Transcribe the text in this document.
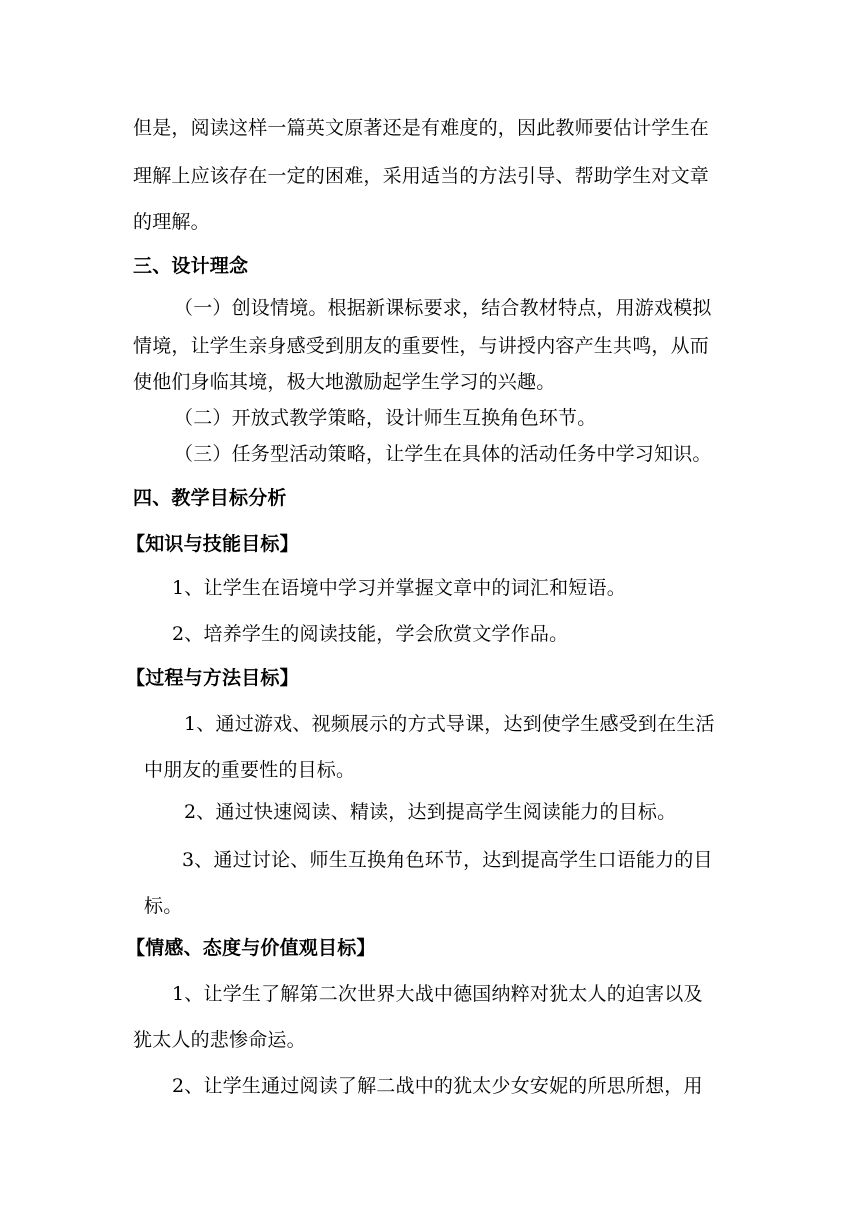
但是，阅读这样一篇英文原著还是有难度的，因此教师要估计学生在
理解上应该存在一定的困难，采用适当的方法引导、帮助学生对文章
的理解。
三、设计理念
（一）创设情境。根据新课标要求，结合教材特点，用游戏模拟
情境，让学生亲身感受到朋友的重要性，与讲授内容产生共鸣，从而
使他们身临其境，极大地激励起学生学习的兴趣。
（二）开放式教学策略，设计师生互换角色环节。
（三）任务型活动策略，让学生在具体的活动任务中学习知识。
四、教学目标分析
【知识与技能目标】
1、让学生在语境中学习并掌握文章中的词汇和短语。
2、培养学生的阅读技能，学会欣赏文学作品。
【过程与方法目标】
1、通过游戏、视频展示的方式导课，达到使学生感受到在生活
中朋友的重要性的目标。
2、通过快速阅读、精读，达到提高学生阅读能力的目标。
3、通过讨论、师生互换角色环节，达到提高学生口语能力的目
标。
【情感、态度与价值观目标】
1、让学生了解第二次世界大战中德国纳粹对犹太人的迫害以及
犹太人的悲惨命运。
2、让学生通过阅读了解二战中的犹太少女安妮的所思所想，用
